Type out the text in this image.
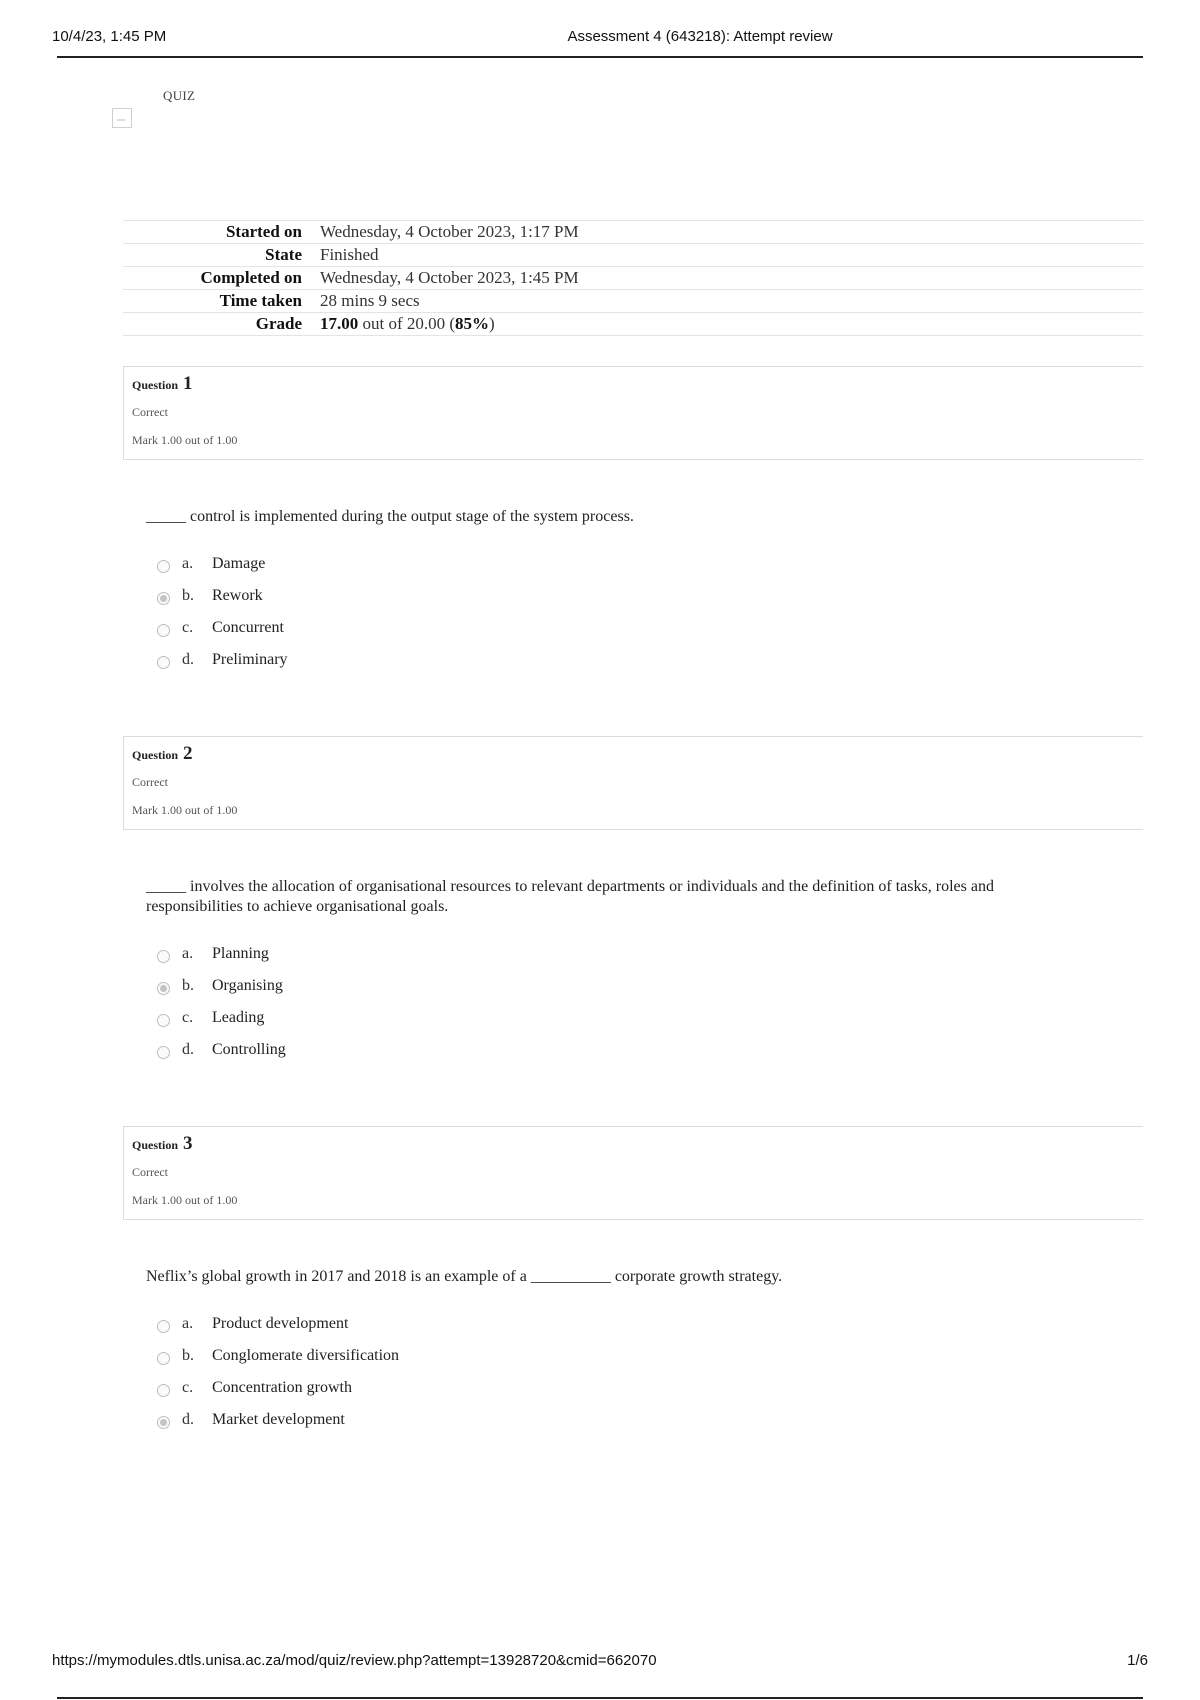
10/4/23, 1:45 PM	Assessment 4 (643218): Attempt review
QUIZ
Started on	Wednesday, 4 October 2023, 1:17 PM
State	Finished
Completed on	Wednesday, 4 October 2023, 1:45 PM
Time taken	28 mins 9 secs
Grade	17.00 out of 20.00 (85%)
Question 1
Correct
Mark 1.00 out of 1.00
_____ control is implemented during the output stage of the system process.
a. Damage
b. Rework
c. Concurrent
d. Preliminary
Question 2
Correct
Mark 1.00 out of 1.00
_____ involves the allocation of organisational resources to relevant departments or individuals and the definition of tasks, roles and responsibilities to achieve organisational goals.
a. Planning
b. Organising
c. Leading
d. Controlling
Question 3
Correct
Mark 1.00 out of 1.00
Neflix’s global growth in 2017 and 2018 is an example of a __________ corporate growth strategy.
a. Product development
b. Conglomerate diversification
c. Concentration growth
d. Market development
https://mymodules.dtls.unisa.ac.za/mod/quiz/review.php?attempt=13928720&cmid=662070	1/6
